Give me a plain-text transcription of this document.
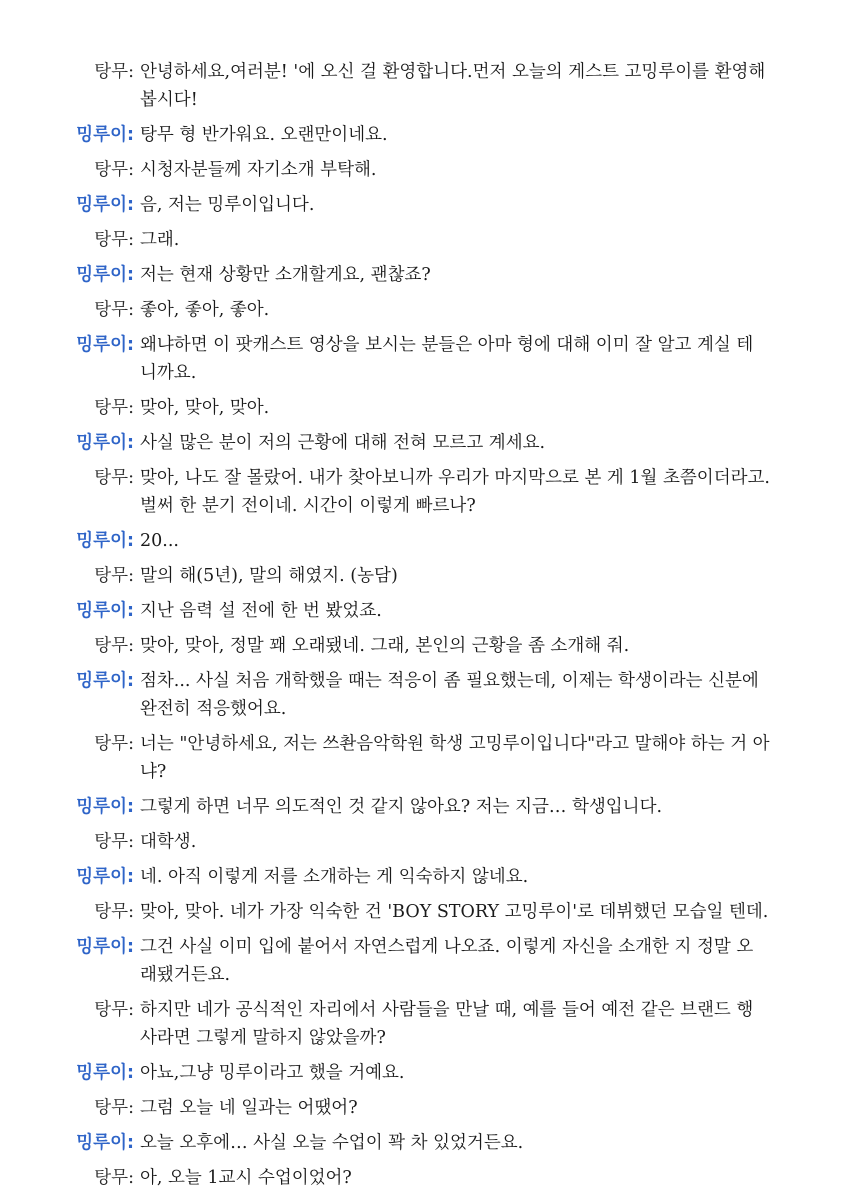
탕무: 안녕하세요,여러분! '에 오신 걸 환영합니다.먼저 오늘의 게스트 고밍루이를 환영해 봅시다!
밍루이: 탕무 형 반가워요. 오랜만이네요.
탕무: 시청자분들께 자기소개 부탁해.
밍루이: 음, 저는 밍루이입니다.
탕무: 그래.
밍루이: 저는 현재 상황만 소개할게요, 괜찮죠?
탕무: 좋아, 좋아, 좋아.
밍루이: 왜냐하면 이 팟캐스트 영상을 보시는 분들은 아마 형에 대해 이미 잘 알고 계실 테니까요.
탕무: 맞아, 맞아, 맞아.
밍루이: 사실 많은 분이 저의 근황에 대해 전혀 모르고 계세요.
탕무: 맞아, 나도 잘 몰랐어. 내가 찾아보니까 우리가 마지막으로 본 게 1월 초쯤이더라고. 벌써 한 분기 전이네. 시간이 이렇게 빠르나?
밍루이: 20...
탕무: 말의 해(5년), 말의 해였지. (농담)
밍루이: 지난 음력 설 전에 한 번 봤었죠.
탕무: 맞아, 맞아, 정말 꽤 오래됐네. 그래, 본인의 근황을 좀 소개해 줘.
밍루이: 점차... 사실 처음 개학했을 때는 적응이 좀 필요했는데, 이제는 학생이라는 신분에 완전히 적응했어요.
탕무: 너는 "안녕하세요, 저는 쓰촨음악학원 학생 고밍루이입니다"라고 말해야 하는 거 아냐?
밍루이: 그렇게 하면 너무 의도적인 것 같지 않아요? 저는 지금… 학생입니다.
탕무: 대학생.
밍루이: 네. 아직 이렇게 저를 소개하는 게 익숙하지 않네요.
탕무: 맞아, 맞아. 네가 가장 익숙한 건 'BOY STORY 고밍루이'로 데뷔했던 모습일 텐데.
밍루이: 그건 사실 이미 입에 붙어서 자연스럽게 나오죠. 이렇게 자신을 소개한 지 정말 오래됐거든요.
탕무: 하지만 네가 공식적인 자리에서 사람들을 만날 때, 예를 들어 예전 같은 브랜드 행사라면 그렇게 말하지 않았을까?
밍루이: 아뇨,그냥 밍루이라고 했을 거예요.
탕무: 그럼 오늘 네 일과는 어땠어?
밍루이: 오늘 오후에… 사실 오늘 수업이 꽉 차 있었거든요.
탕무: 아, 오늘 1교시 수업이었어?
